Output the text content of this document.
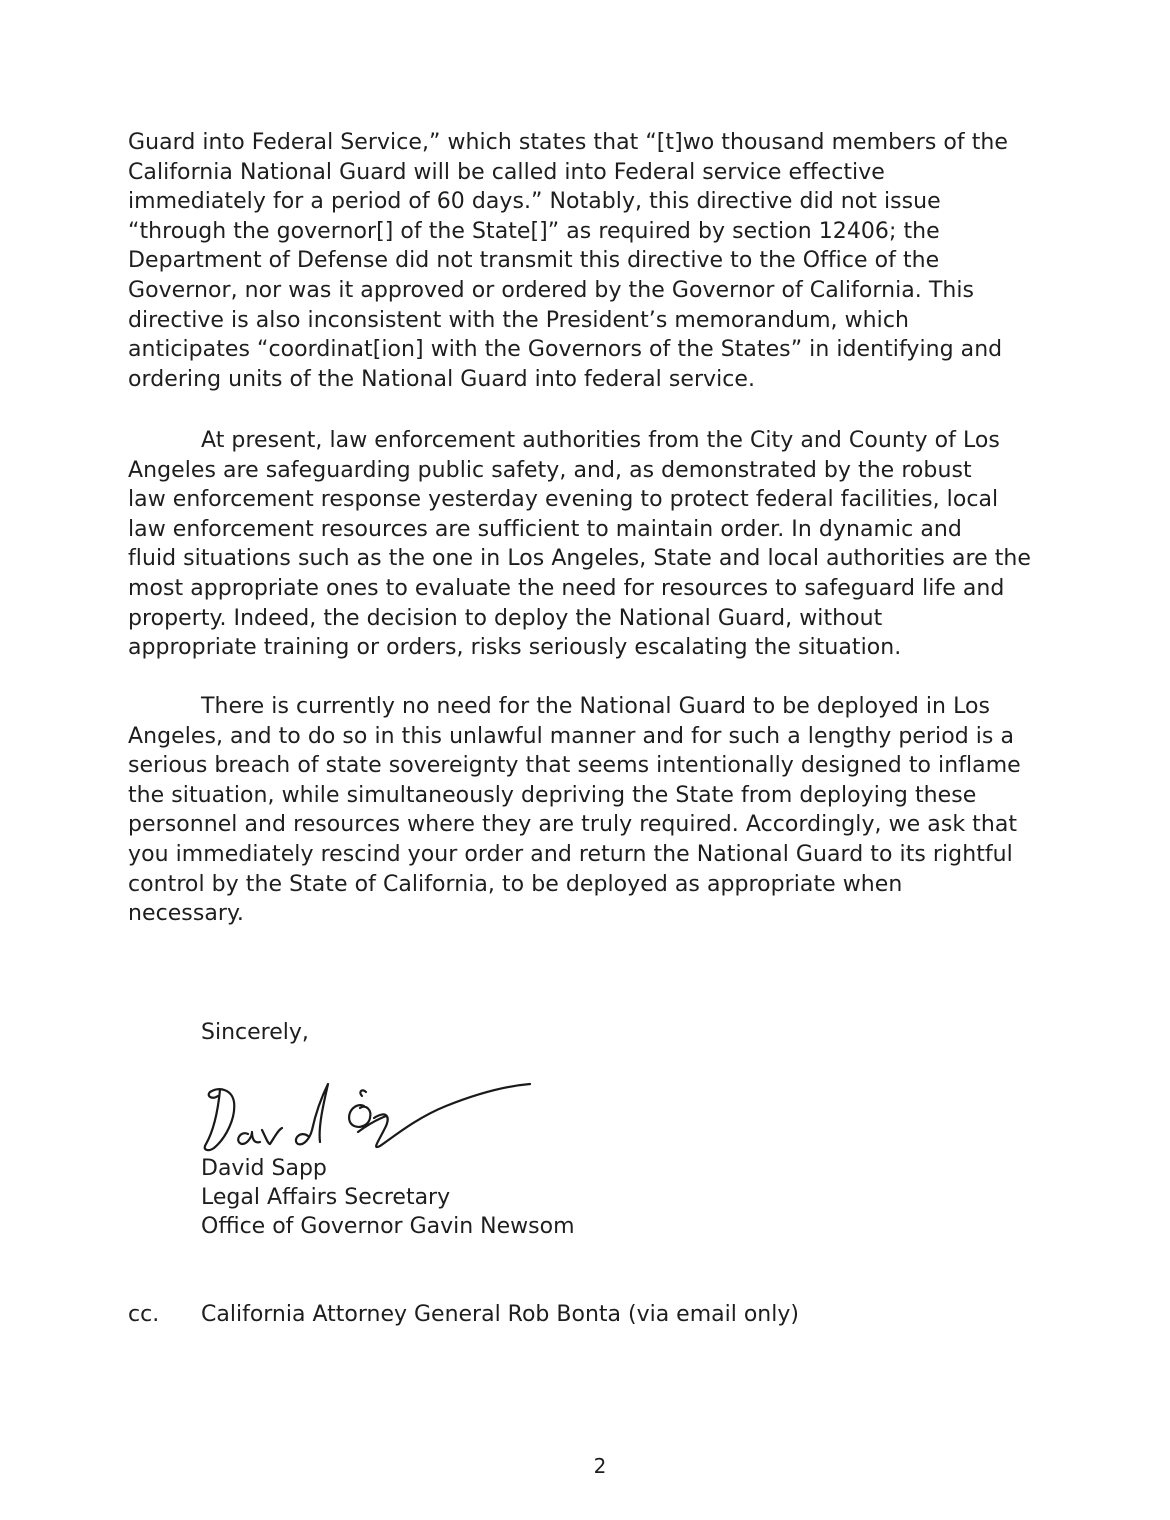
Guard into Federal Service,” which states that “[t]wo thousand members of the
California National Guard will be called into Federal service effective
immediately for a period of 60 days.” Notably, this directive did not issue
“through the governor[] of the State[]” as required by section 12406; the
Department of Defense did not transmit this directive to the Office of the
Governor, nor was it approved or ordered by the Governor of California. This
directive is also inconsistent with the President’s memorandum, which
anticipates “coordinat[ion] with the Governors of the States” in identifying and
ordering units of the National Guard into federal service.
At present, law enforcement authorities from the City and County of Los
Angeles are safeguarding public safety, and, as demonstrated by the robust
law enforcement response yesterday evening to protect federal facilities, local
law enforcement resources are sufficient to maintain order. In dynamic and
fluid situations such as the one in Los Angeles, State and local authorities are the
most appropriate ones to evaluate the need for resources to safeguard life and
property. Indeed, the decision to deploy the National Guard, without
appropriate training or orders, risks seriously escalating the situation.
There is currently no need for the National Guard to be deployed in Los
Angeles, and to do so in this unlawful manner and for such a lengthy period is a
serious breach of state sovereignty that seems intentionally designed to inflame
the situation, while simultaneously depriving the State from deploying these
personnel and resources where they are truly required. Accordingly, we ask that
you immediately rescind your order and return the National Guard to its rightful
control by the State of California, to be deployed as appropriate when
necessary.
Sincerely,
David Sapp
Legal Affairs Secretary
Office of Governor Gavin Newsom
cc. California Attorney General Rob Bonta (via email only)
2
